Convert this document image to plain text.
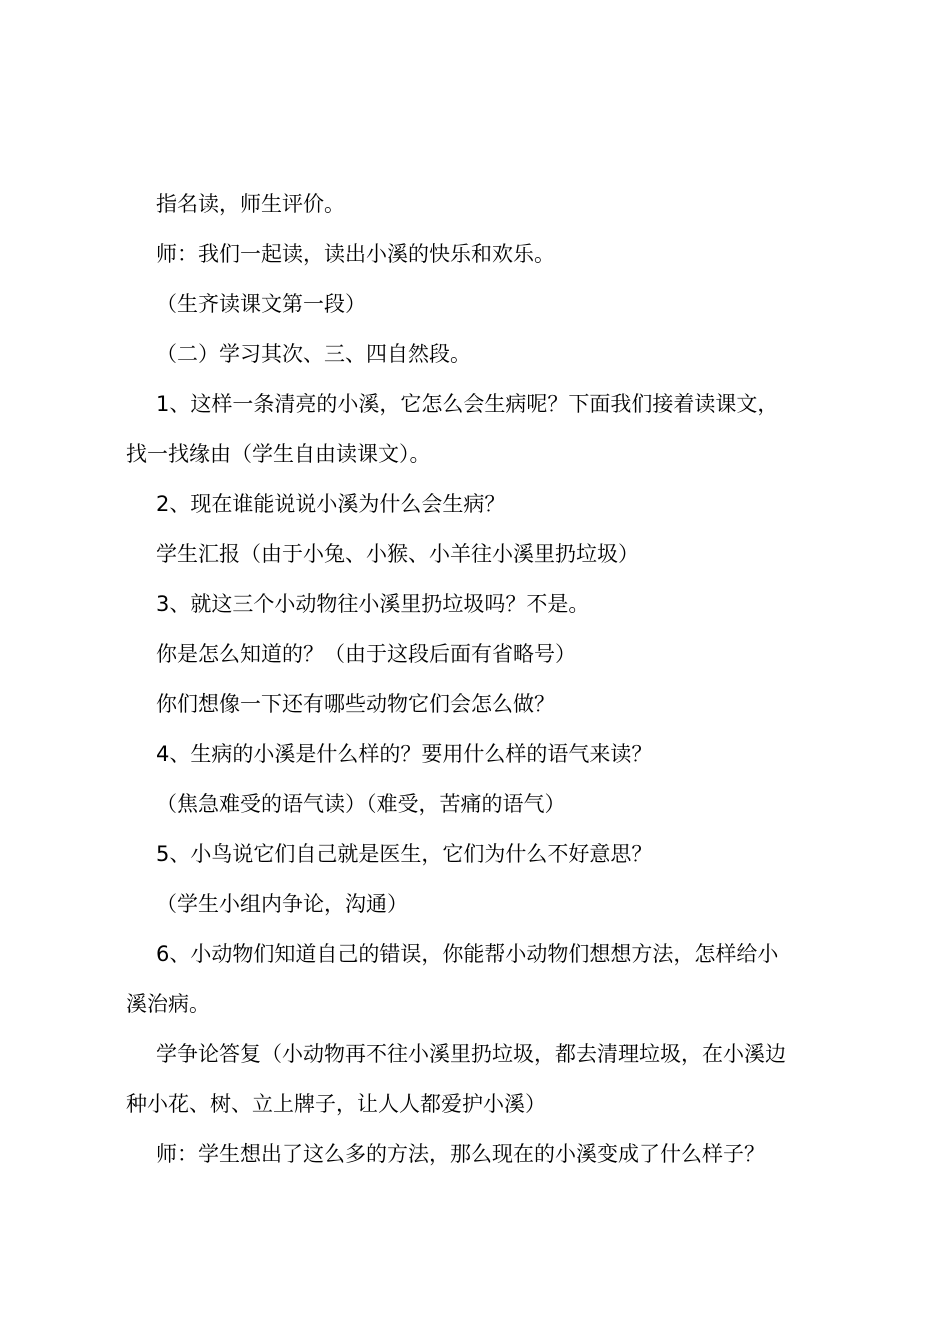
指名读，师生评价。
师：我们一起读，读出小溪的快乐和欢乐。
（生齐读课文第一段）
（二）学习其次、三、四自然段。
1、这样一条清亮的小溪，它怎么会生病呢？下面我们接着读课文，
找一找缘由（学生自由读课文）。
2、现在谁能说说小溪为什么会生病？
学生汇报（由于小兔、小猴、小羊往小溪里扔垃圾）
3、就这三个小动物往小溪里扔垃圾吗？不是。
你是怎么知道的？（由于这段后面有省略号）
你们想像一下还有哪些动物它们会怎么做？
4、生病的小溪是什么样的？要用什么样的语气来读？
（焦急难受的语气读）（难受，苦痛的语气）
5、小鸟说它们自己就是医生，它们为什么不好意思？
（学生小组内争论，沟通）
6、小动物们知道自己的错误，你能帮小动物们想想方法，怎样给小
溪治病。
学争论答复（小动物再不往小溪里扔垃圾，都去清理垃圾，在小溪边
种小花、树、立上牌子，让人人都爱护小溪）
师：学生想出了这么多的方法，那么现在的小溪变成了什么样子？
